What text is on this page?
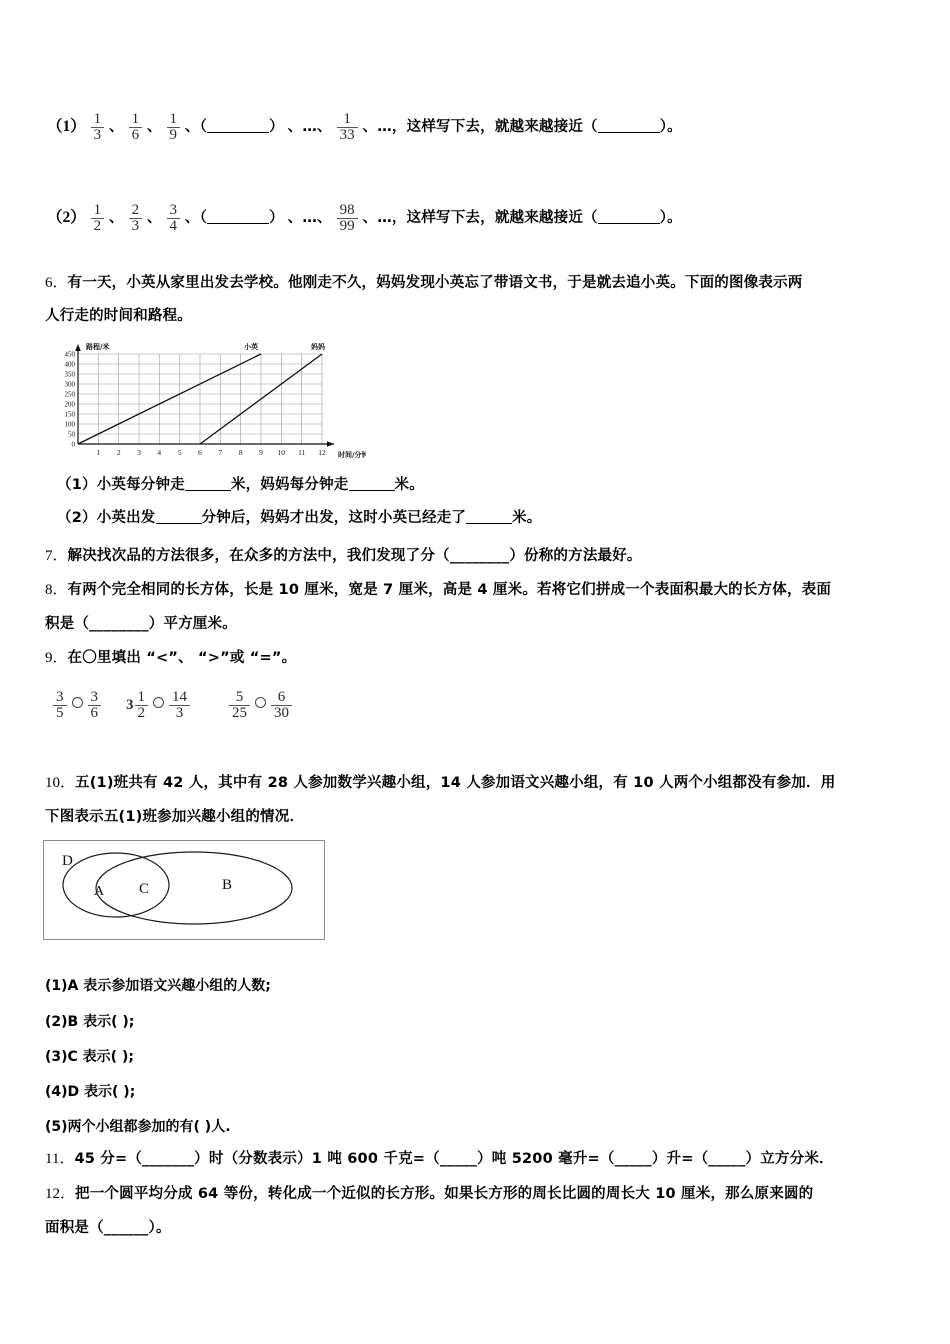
$(1) \frac{1}{3}$ 、 $\frac{1}{6}$ 、 $\frac{1}{9}$ 、（	） 、…、 $\frac{1}{33}$ 、…，这样写下去，就越来越接近（	）。
$(2) \frac{1}{2}$ 、 $\frac{2}{3}$ 、 $\frac{3}{4}$ 、（	） 、…、 $\frac{98}{99}$ 、…，这样写下去，就越来越接近（	）。
6．有一天，小英从家里出发去学校。他刚走不久，妈妈发现小英忘了带语文书，于是就去追小英。下面的图像表示两
人行走的时间和路程。
0
50
100
150
200
250
300
350
400
450
1 2 3 4 5 6 7 8 9 10 11 12
路程/米
时间/分钟
小英	妈妈
（1）小英每分钟走	米，妈妈每分钟走	米。
（2）小英出发	分钟后，妈妈才出发，这时小英已经走了	米。
7．解决找次品的方法很多，在众多的方法中，我们发现了分（________）份称的方法最好。
8．有两个完全相同的长方体，长是 10 厘米，宽是 7 厘米，高是 4 厘米。若将它们拼成一个表面积最大的长方体，表面
积是（________）平方厘米。
9．在〇里填出 “<”、 “>”或 “=”。
$\frac{3}{5} \frac{3}{6} 3 \frac{1}{2} \frac{14}{3}$	$\frac{5}{25} \frac{6}{30}$
10．五(1)班共有 42 人，其中有 28 人参加数学兴趣小组，14 人参加语文兴趣小组，有 10 人两个小组都没有参加．用
下图表示五(1)班参加兴趣小组的情况．
D
A C	B
(1)A 表示参加语文兴趣小组的人数;
(2)B 表示( );
(3)C 表示( );
(4)D 表示( );
(5)两个小组都参加的有( )人.
11．45 分=（_______）时（分数表示）1 吨 600 千克=（_____）吨 5200 毫升=（_____）升=（_____）立方分米．
12．把一个圆平均分成 64 等份，转化成一个近似的长方形。如果长方形的周长比圆的周长大 10 厘米，那么原来圆的
面积是（______）。
